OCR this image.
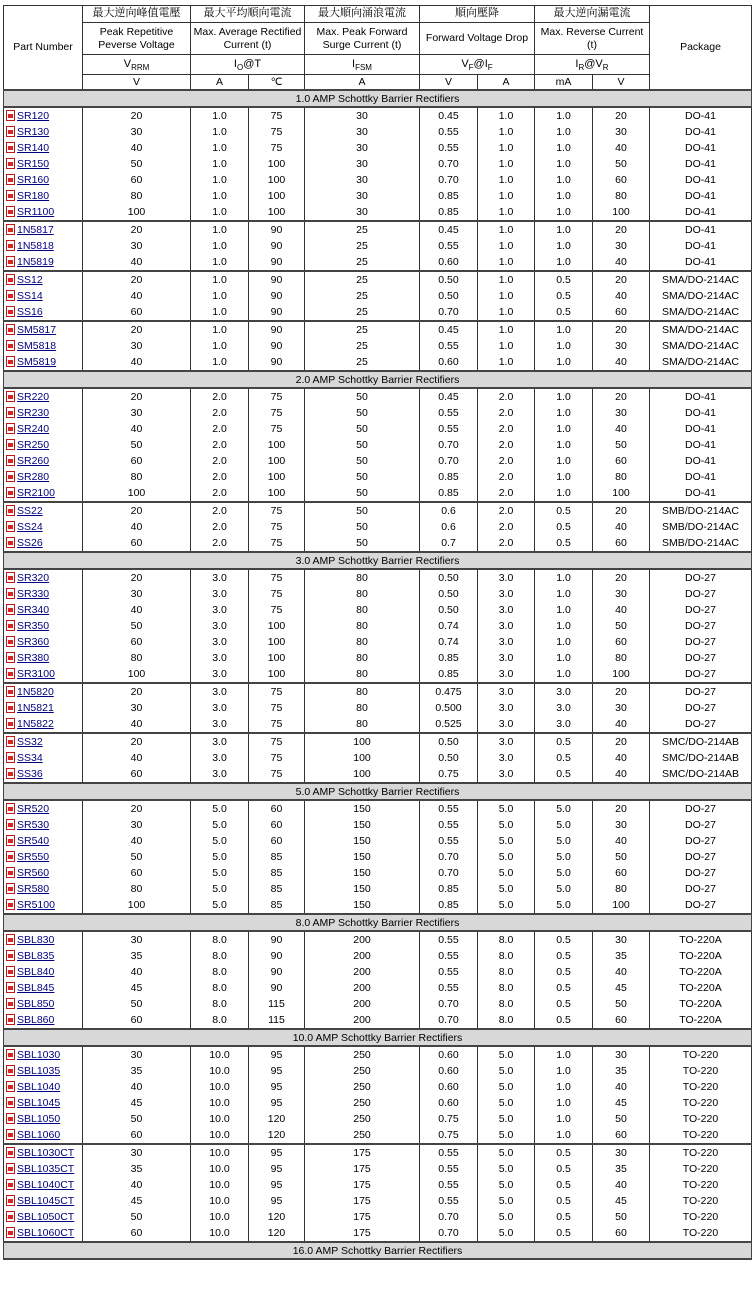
Part Number	最大逆向峰值電壓	最大平均順向電流		最大順向涌浪電流	順向壓降		最大逆向漏電流		Package
	Peak Repetitive Peverse Voltage	Max. Average Rectified Current (t)		Max. Peak Forward Surge Current (t)	Forward Voltage Drop		Max. Reverse Current (t)		
	$V_{RRM}$	$I_O@T$		$I_{FSM}$	$V_F@I_F$		$I_R@V_R$
	V	A	℃	A	V	A	mA	V	
1.0 AMP Schottky Barrier Rectifiers									
SR120	20	1.0	75	30	0.45	1.0	1.0	20	DO-41
SR130	30	1.0	75	30	0.55	1.0	1.0	30	DO-41
SR140	40	1.0	75	30	0.55	1.0	1.0	40	DO-41
SR150	50	1.0	100	30	0.70	1.0	1.0	50	DO-41
SR160	60	1.0	100	30	0.70	1.0	1.0	60	DO-41
SR180	80	1.0	100	30	0.85	1.0	1.0	80	DO-41
SR1100	100	1.0	100	30	0.85	1.0	1.0	100	DO-41
1N5817	20	1.0	90	25	0.45	1.0	1.0	20	DO-41
1N5818	30	1.0	90	25	0.55	1.0	1.0	30	DO-41
1N5819	40	1.0	90	25	0.60	1.0	1.0	40	DO-41
SS12	20	1.0	90	25	0.50	1.0	0.5	20	SMA/DO-214AC
SS14	40	1.0	90	25	0.50	1.0	0.5	40	SMA/DO-214AC
SS16	60	1.0	90	25	0.70	1.0	0.5	60	SMA/DO-214AC
SM5817	20	1.0	90	25	0.45	1.0	1.0	20	SMA/DO-214AC
SM5818	30	1.0	90	25	0.55	1.0	1.0	30	SMA/DO-214AC
SM5819	40	1.0	90	25	0.60	1.0	1.0	40	SMA/DO-214AC
2.0 AMP Schottky Barrier Rectifiers									
SR220	20	2.0	75	50	0.45	2.0	1.0	20	DO-41
SR230	30	2.0	75	50	0.55	2.0	1.0	30	DO-41
SR240	40	2.0	75	50	0.55	2.0	1.0	40	DO-41
SR250	50	2.0	100	50	0.70	2.0	1.0	50	DO-41
SR260	60	2.0	100	50	0.70	2.0	1.0	60	DO-41
SR280	80	2.0	100	50	0.85	2.0	1.0	80	DO-41
SR2100	100	2.0	100	50	0.85	2.0	1.0	100	DO-41
SS22	20	2.0	75	50	0.6	2.0	0.5	20	SMB/DO-214AC
SS24	40	2.0	75	50	0.6	2.0	0.5	40	SMB/DO-214AC
SS26	60	2.0	75	50	0.7	2.0	0.5	60	SMB/DO-214AC
3.0 AMP Schottky Barrier Rectifiers									
SR320	20	3.0	75	80	0.50	3.0	1.0	20	DO-27
SR330	30	3.0	75	80	0.50	3.0	1.0	30	DO-27
SR340	40	3.0	75	80	0.50	3.0	1.0	40	DO-27
SR350	50	3.0	100	80	0.74	3.0	1.0	50	DO-27
SR360	60	3.0	100	80	0.74	3.0	1.0	60	DO-27
SR380	80	3.0	100	80	0.85	3.0	1.0	80	DO-27
SR3100	100	3.0	100	80	0.85	3.0	1.0	100	DO-27
1N5820	20	3.0	75	80	0.475	3.0	3.0	20	DO-27
1N5821	30	3.0	75	80	0.500	3.0	3.0	30	DO-27
1N5822	40	3.0	75	80	0.525	3.0	3.0	40	DO-27
SS32	20	3.0	75	100	0.50	3.0	0.5	20	SMC/DO-214AB
SS34	40	3.0	75	100	0.50	3.0	0.5	40	SMC/DO-214AB
SS36	60	3.0	75	100	0.75	3.0	0.5	40	SMC/DO-214AB
5.0 AMP Schottky Barrier Rectifiers									
SR520	20	5.0	60	150	0.55	5.0	5.0	20	DO-27
SR530	30	5.0	60	150	0.55	5.0	5.0	30	DO-27
SR540	40	5.0	60	150	0.55	5.0	5.0	40	DO-27
SR550	50	5.0	85	150	0.70	5.0	5.0	50	DO-27
SR560	60	5.0	85	150	0.70	5.0	5.0	60	DO-27
SR580	80	5.0	85	150	0.85	5.0	5.0	80	DO-27
SR5100	100	5.0	85	150	0.85	5.0	5.0	100	DO-27
8.0 AMP Schottky Barrier Rectifiers									
SBL830	30	8.0	90	200	0.55	8.0	0.5	30	TO-220A
SBL835	35	8.0	90	200	0.55	8.0	0.5	35	TO-220A
SBL840	40	8.0	90	200	0.55	8.0	0.5	40	TO-220A
SBL845	45	8.0	90	200	0.55	8.0	0.5	45	TO-220A
SBL850	50	8.0	115	200	0.70	8.0	0.5	50	TO-220A
SBL860	60	8.0	115	200	0.70	8.0	0.5	60	TO-220A
10.0 AMP Schottky Barrier Rectifiers									
SBL1030	30	10.0	95	250	0.60	5.0	1.0	30	TO-220
SBL1035	35	10.0	95	250	0.60	5.0	1.0	35	TO-220
SBL1040	40	10.0	95	250	0.60	5.0	1.0	40	TO-220
SBL1045	45	10.0	95	250	0.60	5.0	1.0	45	TO-220
SBL1050	50	10.0	120	250	0.75	5.0	1.0	50	TO-220
SBL1060	60	10.0	120	250	0.75	5.0	1.0	60	TO-220
SBL1030CT	30	10.0	95	175	0.55	5.0	0.5	30	TO-220
SBL1035CT	35	10.0	95	175	0.55	5.0	0.5	35	TO-220
SBL1040CT	40	10.0	95	175	0.55	5.0	0.5	40	TO-220
SBL1045CT	45	10.0	95	175	0.55	5.0	0.5	45	TO-220
SBL1050CT	50	10.0	120	175	0.70	5.0	0.5	50	TO-220
SBL1060CT	60	10.0	120	175	0.70	5.0	0.5	60	TO-220
16.0 AMP Schottky Barrier Rectifiers									
